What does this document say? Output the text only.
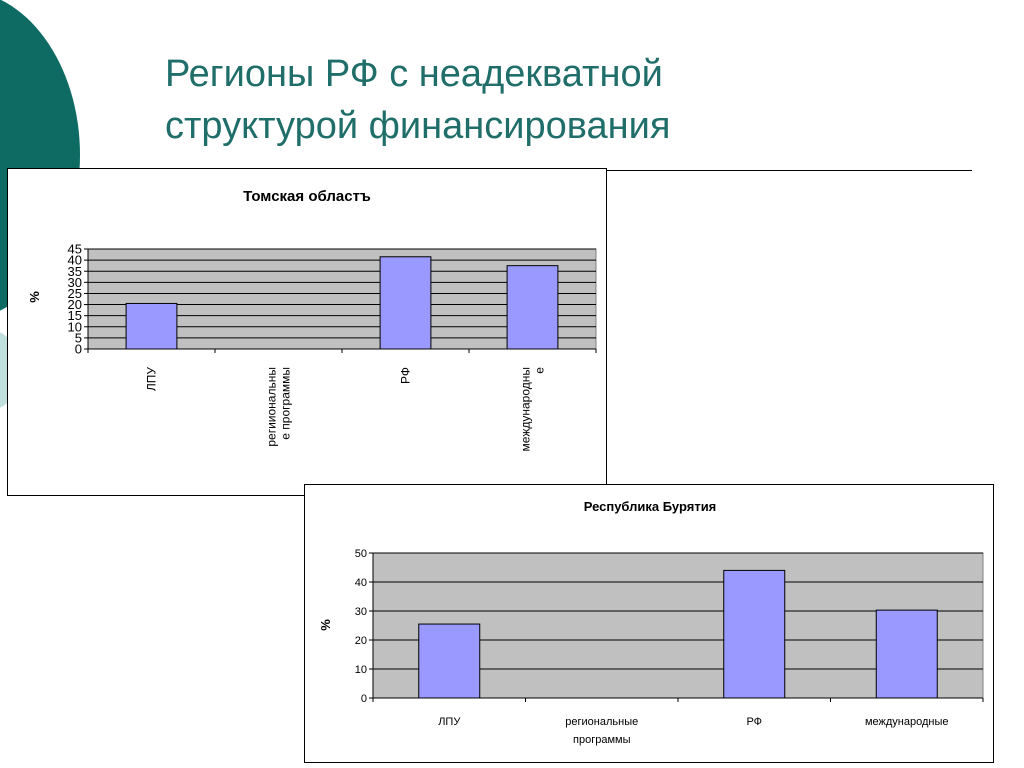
Регионы РФ с неадекватной
структурой финансирования
Томская областъ
%
0
5
10
15
20
25
30
35
40
45
ЛПУ	регииональны е программы	РФ	международны е
Республика Бурятия
%
0
10
20
30
40
50
ЛПУ	региональные
программы
РФ	международные
